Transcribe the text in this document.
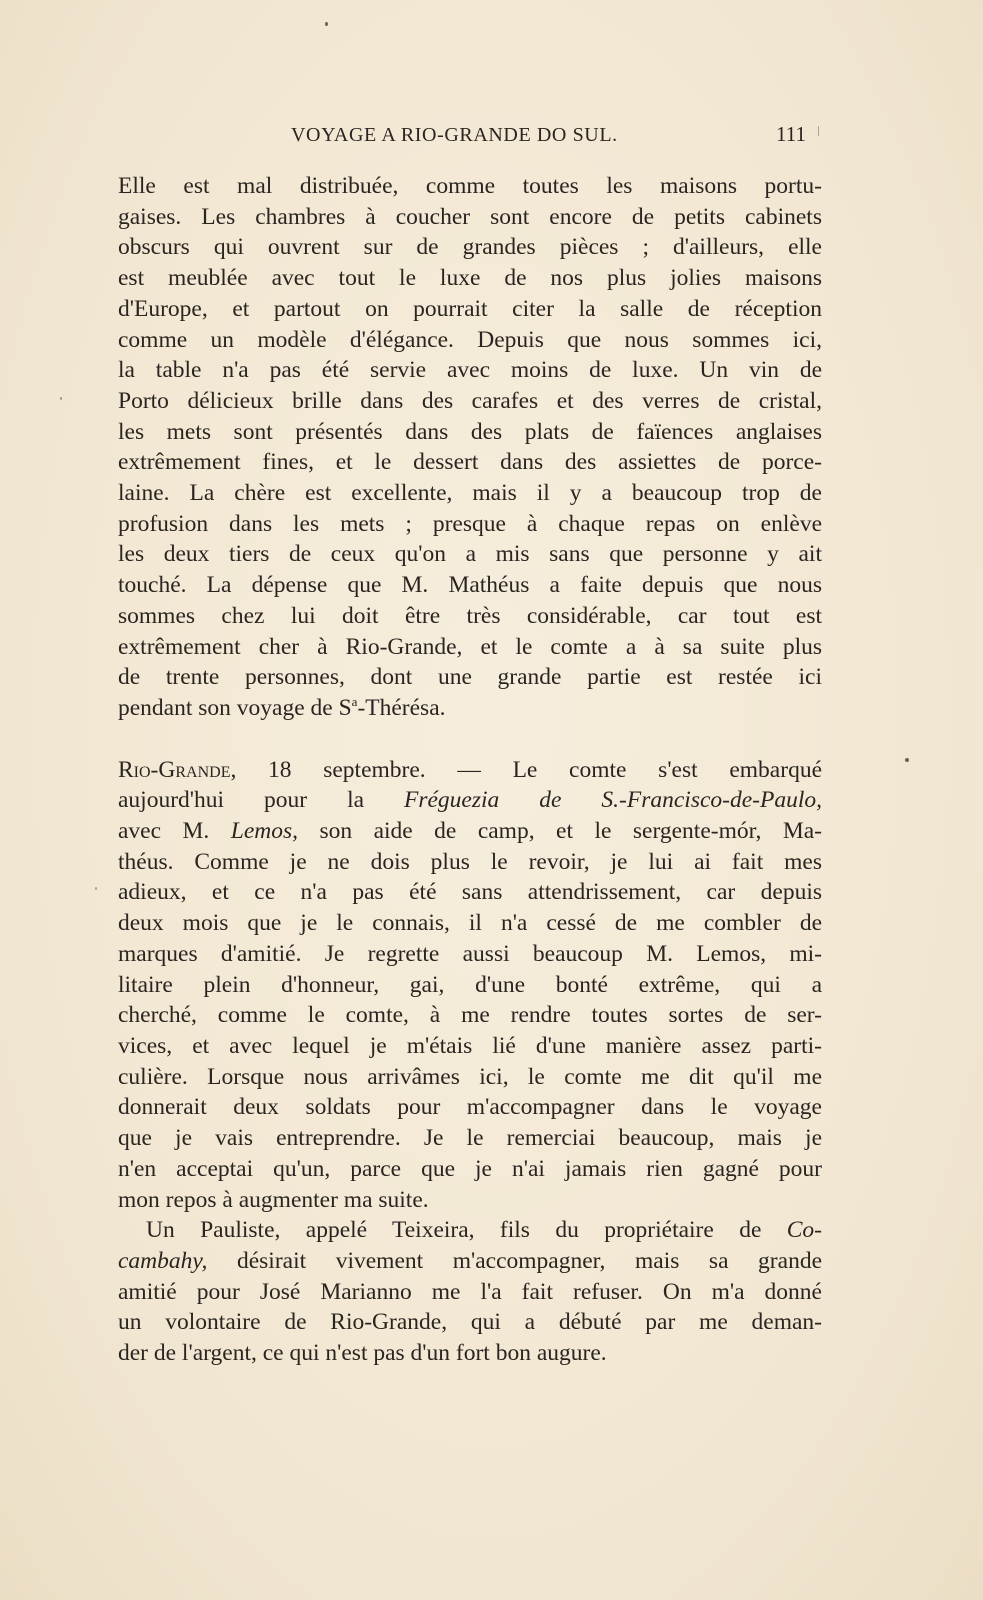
VOYAGE A RIO-GRANDE DO SUL.	111
Elle est mal distribuée, comme toutes les maisons portu-
gaises. Les chambres à coucher sont encore de petits cabinets
obscurs qui ouvrent sur de grandes pièces ; d'ailleurs, elle
est meublée avec tout le luxe de nos plus jolies maisons
d'Europe, et partout on pourrait citer la salle de réception
comme un modèle d'élégance. Depuis que nous sommes ici,
la table n'a pas été servie avec moins de luxe. Un vin de
Porto délicieux brille dans des carafes et des verres de cristal,
les mets sont présentés dans des plats de faïences anglaises
extrêmement fines, et le dessert dans des assiettes de porce-
laine. La chère est excellente, mais il y a beaucoup trop de
profusion dans les mets ; presque à chaque repas on enlève
les deux tiers de ceux qu'on a mis sans que personne y ait
touché. La dépense que M. Mathéus a faite depuis que nous
sommes chez lui doit être très considérable, car tout est
extrêmement cher à Rio-Grande, et le comte a à sa suite plus
de trente personnes, dont une grande partie est restée ici
pendant son voyage de $S^a$-Thérésa.
Rio-Grande, 18 septembre. — Le comte s'est embarqué
aujourd'hui pour la Fréguezia de S.-Francisco-de-Paulo,
avec M. Lemos, son aide de camp, et le sergente-mór, Ma-
théus. Comme je ne dois plus le revoir, je lui ai fait mes
adieux, et ce n'a pas été sans attendrissement, car depuis
deux mois que je le connais, il n'a cessé de me combler de
marques d'amitié. Je regrette aussi beaucoup M. Lemos, mi-
litaire plein d'honneur, gai, d'une bonté extrême, qui a
cherché, comme le comte, à me rendre toutes sortes de ser-
vices, et avec lequel je m'étais lié d'une manière assez parti-
culière. Lorsque nous arrivâmes ici, le comte me dit qu'il me
donnerait deux soldats pour m'accompagner dans le voyage
que je vais entreprendre. Je le remerciai beaucoup, mais je
n'en acceptai qu'un, parce que je n'ai jamais rien gagné pour
mon repos à augmenter ma suite.
Un Pauliste, appelé Teixeira, fils du propriétaire de Co-
cambahy, désirait vivement m'accompagner, mais sa grande
amitié pour José Marianno me l'a fait refuser. On m'a donné
un volontaire de Rio-Grande, qui a débuté par me deman-
der de l'argent, ce qui n'est pas d'un fort bon augure.
